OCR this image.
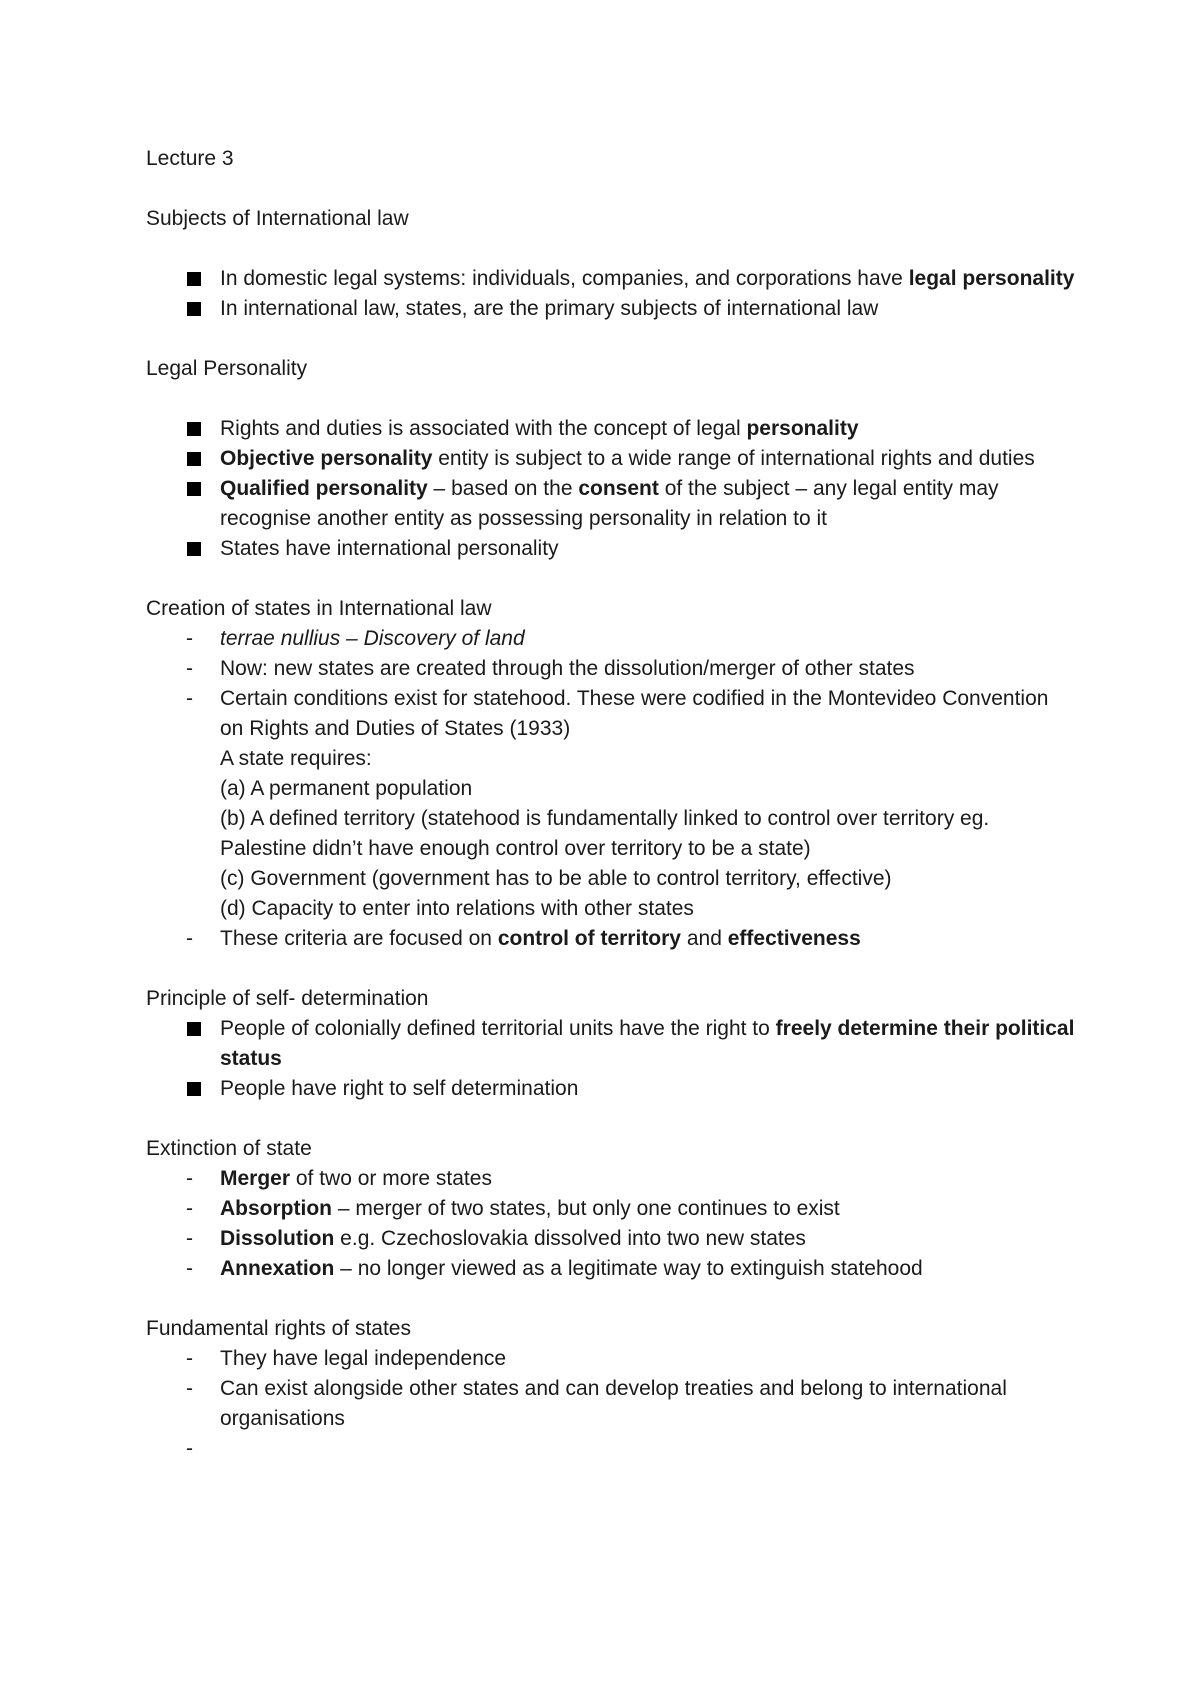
Lecture 3
Subjects of International law
In domestic legal systems: individuals, companies, and corporations have legal personality
In international law, states, are the primary subjects of international law
Legal Personality
Rights and duties is associated with the concept of legal personality
Objective personality entity is subject to a wide range of international rights and duties
Qualified personality – based on the consent of the subject – any legal entity may recognise another entity as possessing personality in relation to it
States have international personality
Creation of states in International law
-	terrae nullius – Discovery of land
-	Now: new states are created through the dissolution/merger of other states
-	Certain conditions exist for statehood. These were codified in the Montevideo Convention on Rights and Duties of States (1933)
A state requires:
(a) A permanent population
(b) A defined territory (statehood is fundamentally linked to control over territory eg. Palestine didn’t have enough control over territory to be a state)
(c) Government (government has to be able to control territory, effective)
(d) Capacity to enter into relations with other states
-	These criteria are focused on control of territory and effectiveness
Principle of self- determination
People of colonially defined territorial units have the right to freely determine their political status
People have right to self determination
Extinction of state
-	Merger of two or more states
-	Absorption – merger of two states, but only one continues to exist
-	Dissolution e.g. Czechoslovakia dissolved into two new states
-	Annexation – no longer viewed as a legitimate way to extinguish statehood
Fundamental rights of states
-	They have legal independence
-	Can exist alongside other states and can develop treaties and belong to international organisations
-
